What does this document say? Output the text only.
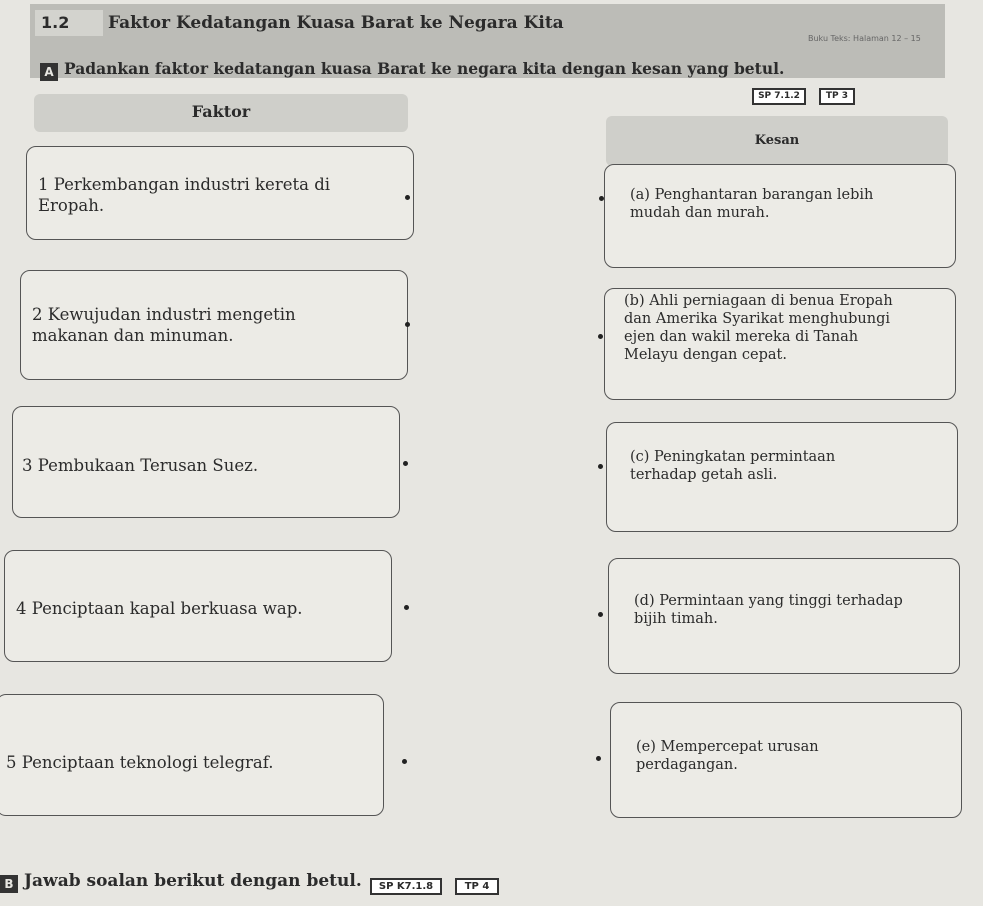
1.2	Faktor Kedatangan Kuasa Barat ke Negara Kita
Buku Teks: Halaman 12 – 15
A Padankan faktor kedatangan kuasa Barat ke negara kita dengan kesan yang betul.
SP 7.1.2	TP 3
Faktor
Kesan
1 Perkembangan industri kereta di
Eropah.
2 Kewujudan industri mengetin
makanan dan minuman.
3 Pembukaan Terusan Suez.
4 Penciptaan kapal berkuasa wap.
5 Penciptaan teknologi telegraf.
(a) Penghantaran barangan lebih
mudah dan murah.
(b) Ahli perniagaan di benua Eropah
dan Amerika Syarikat menghubungi
ejen dan wakil mereka di Tanah
Melayu dengan cepat.
(c) Peningkatan permintaan
terhadap getah asli.
(d) Permintaan yang tinggi terhadap
bijih timah.
(e) Mempercepat urusan
perdagangan.
B Jawab soalan berikut dengan betul.	SP K7.1.8	TP 4
